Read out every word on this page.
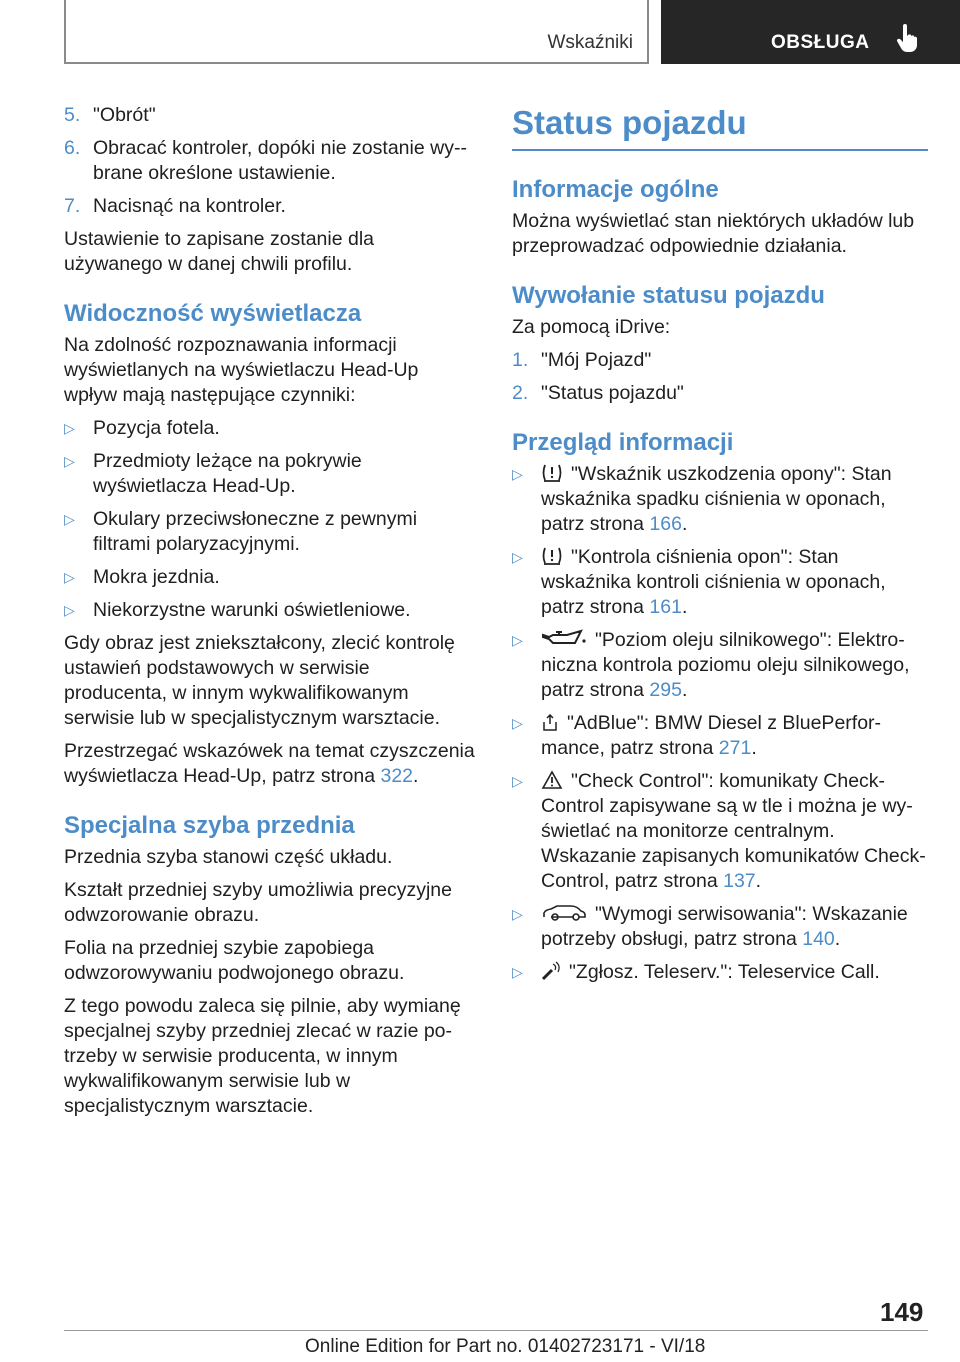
Wskaźniki	OBSŁUGA
5. "Obrót"
6. Obracać kontroler, dopóki nie zostanie wy-brane określone ustawienie.
7. Nacisnąć na kontroler.

Ustawienie to zapisane zostanie dla używanego w danej chwili profilu.

Widoczność wyświetlacza

Na zdolność rozpoznawania informacji wyświetlanych na wyświetlaczu Head-Up wpływ mają następujące czynniki:

▷ Pozycja fotela.
▷ Przedmioty leżące na pokrywie wyświetlacza Head-Up.
▷ Okulary przeciwsłoneczne z pewnymi filtrami polaryzacyjnymi.
▷ Mokra jezdnia.
▷ Niekorzystne warunki oświetleniowe.

Gdy obraz jest zniekształcony, zlecić kontrolę ustawień podstawowych w serwisie producenta, w innym wykwalifikowanym serwisie lub w specjalistycznym warsztacie.

Przestrzegać wskazówek na temat czyszczenia wyświetlacza Head-Up, patrz strona 322.

Specjalna szyba przednia

Przednia szyba stanowi część układu.

Kształt przedniej szyby umożliwia precyzyjne odwzorowanie obrazu.

Folia na przedniej szybie zapobiega odwzorowywaniu podwojonego obrazu.

Z tego powodu zaleca się pilnie, aby wymianę specjalnej szyby przedniej zlecać w razie potrzeby w serwisie producenta, w innym wykwalifikowanym serwisie lub w specjalistycznym warsztacie.

Status pojazdu
Informacje ogólne

Można wyświetlać stan niektórych układów lub przeprowadzać odpowiednie działania.

Wywołanie statusu pojazdu

Za pomocą iDrive:

1. "Mój Pojazd"
2. "Status pojazdu"
Przegląd informacji
▷ "Wskaźnik uszkodzenia opony": Stan wskaźnika spadku ciśnienia w oponach, patrz strona 166.
▷ "Kontrola ciśnienia opon": Stan wskaźnika kontroli ciśnienia w oponach, patrz strona 161.
▷	"Poziom oleju silnikowego": Elektroniczna kontrola poziomu oleju silnikowego, patrz strona 295.
▷ "AdBlue": BMW Diesel z BluePerformance, patrz strona 271.
▷ "Check Control": komunikaty Check-Control zapisywane są w tle i można je wyświetlać na monitorze centralnym. Wskazanie zapisanych komunikatów Check-Control, patrz strona 137.
▷	"Wymogi serwisowania": Wskazanie potrzeby obsługi, patrz strona 140.
▷ "Zgłosz. Teleserv.": Teleservice Call.
149
Online Edition for Part no. 01402723171 - VI/18
